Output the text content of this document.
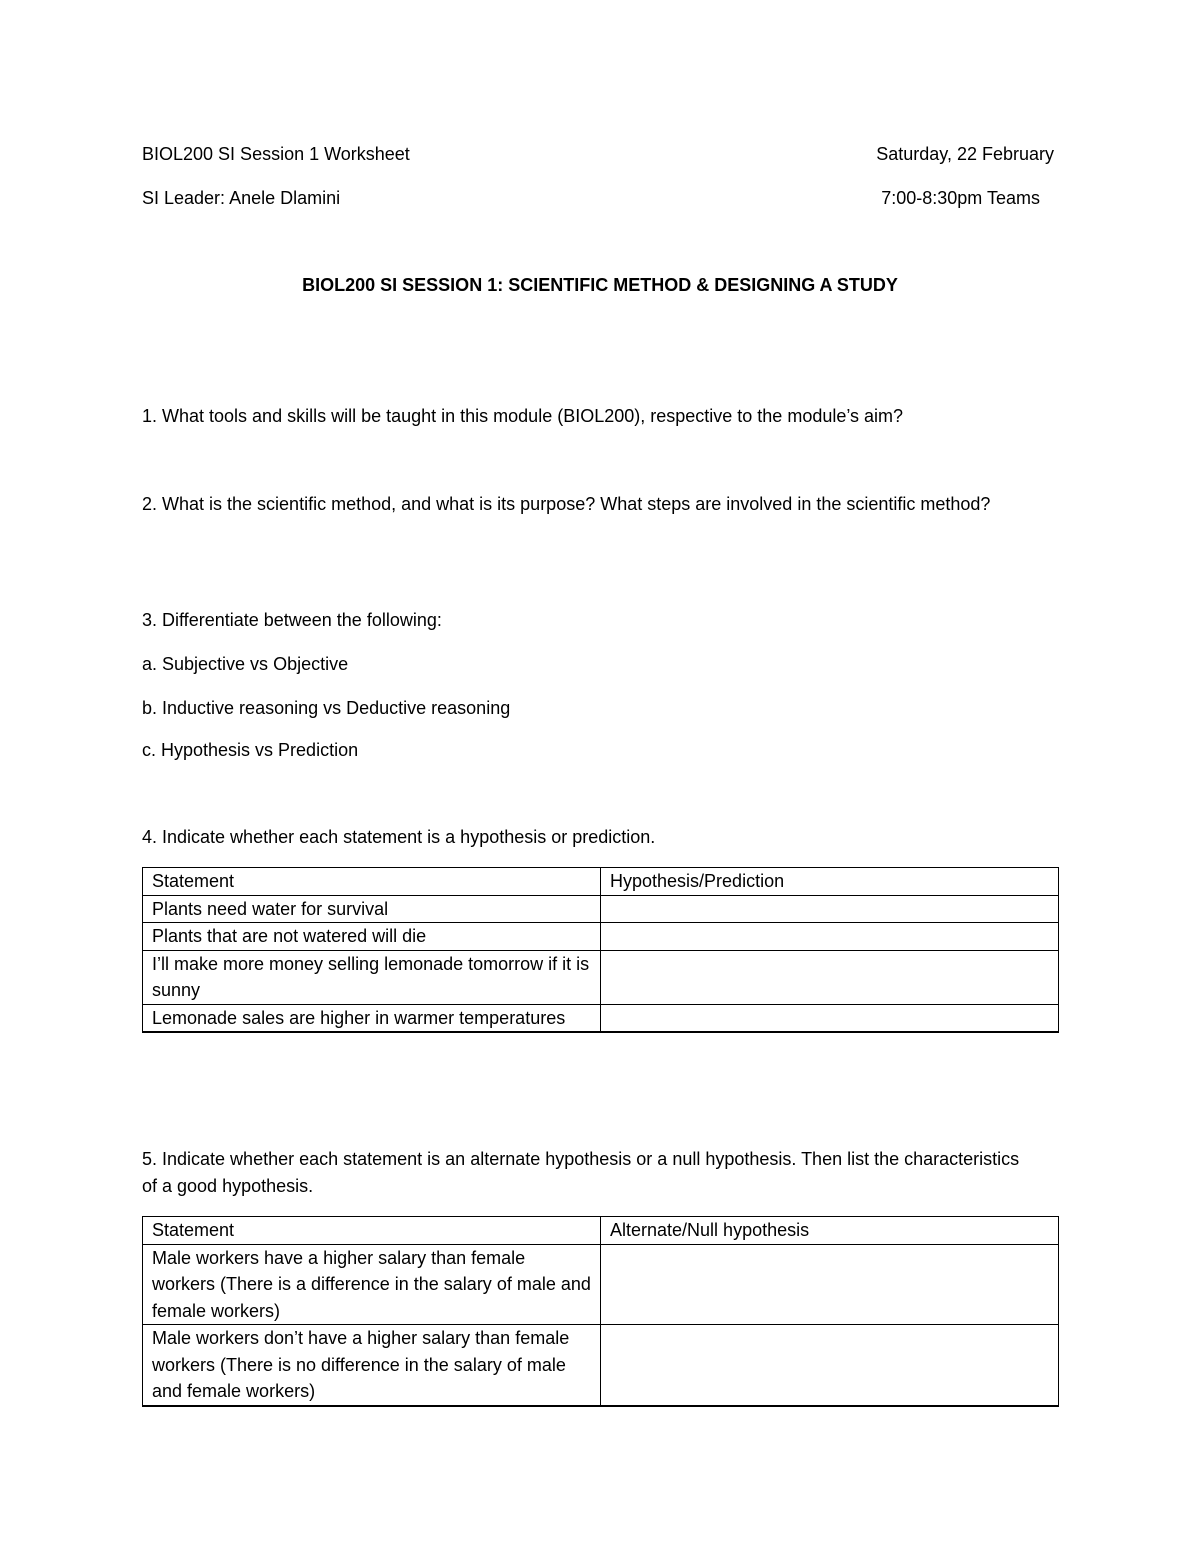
BIOL200 SI Session 1 Worksheet	Saturday, 22 February
SI Leader: Anele Dlamini	7:00-8:30pm Teams
BIOL200 SI SESSION 1: SCIENTIFIC METHOD & DESIGNING A STUDY
1. What tools and skills will be taught in this module (BIOL200), respective to the module’s aim?
2. What is the scientific method, and what is its purpose? What steps are involved in the scientific method?
3. Differentiate between the following:
a. Subjective vs Objective
b. Inductive reasoning vs Deductive reasoning
c. Hypothesis vs Prediction
4. Indicate whether each statement is a hypothesis or prediction.
Statement	Hypothesis/Prediction
Plants need water for survival	
Plants that are not watered will die	
I’ll make more money selling lemonade tomorrow if it is sunny	
Lemonade sales are higher in warmer temperatures	
5. Indicate whether each statement is an alternate hypothesis or a null hypothesis. Then list the characteristics of a good hypothesis.
Statement	Alternate/Null hypothesis
Male workers have a higher salary than female workers (There is a difference in the salary of male and female workers)	
Male workers don’t have a higher salary than female workers (There is no difference in the salary of male and female workers)	
